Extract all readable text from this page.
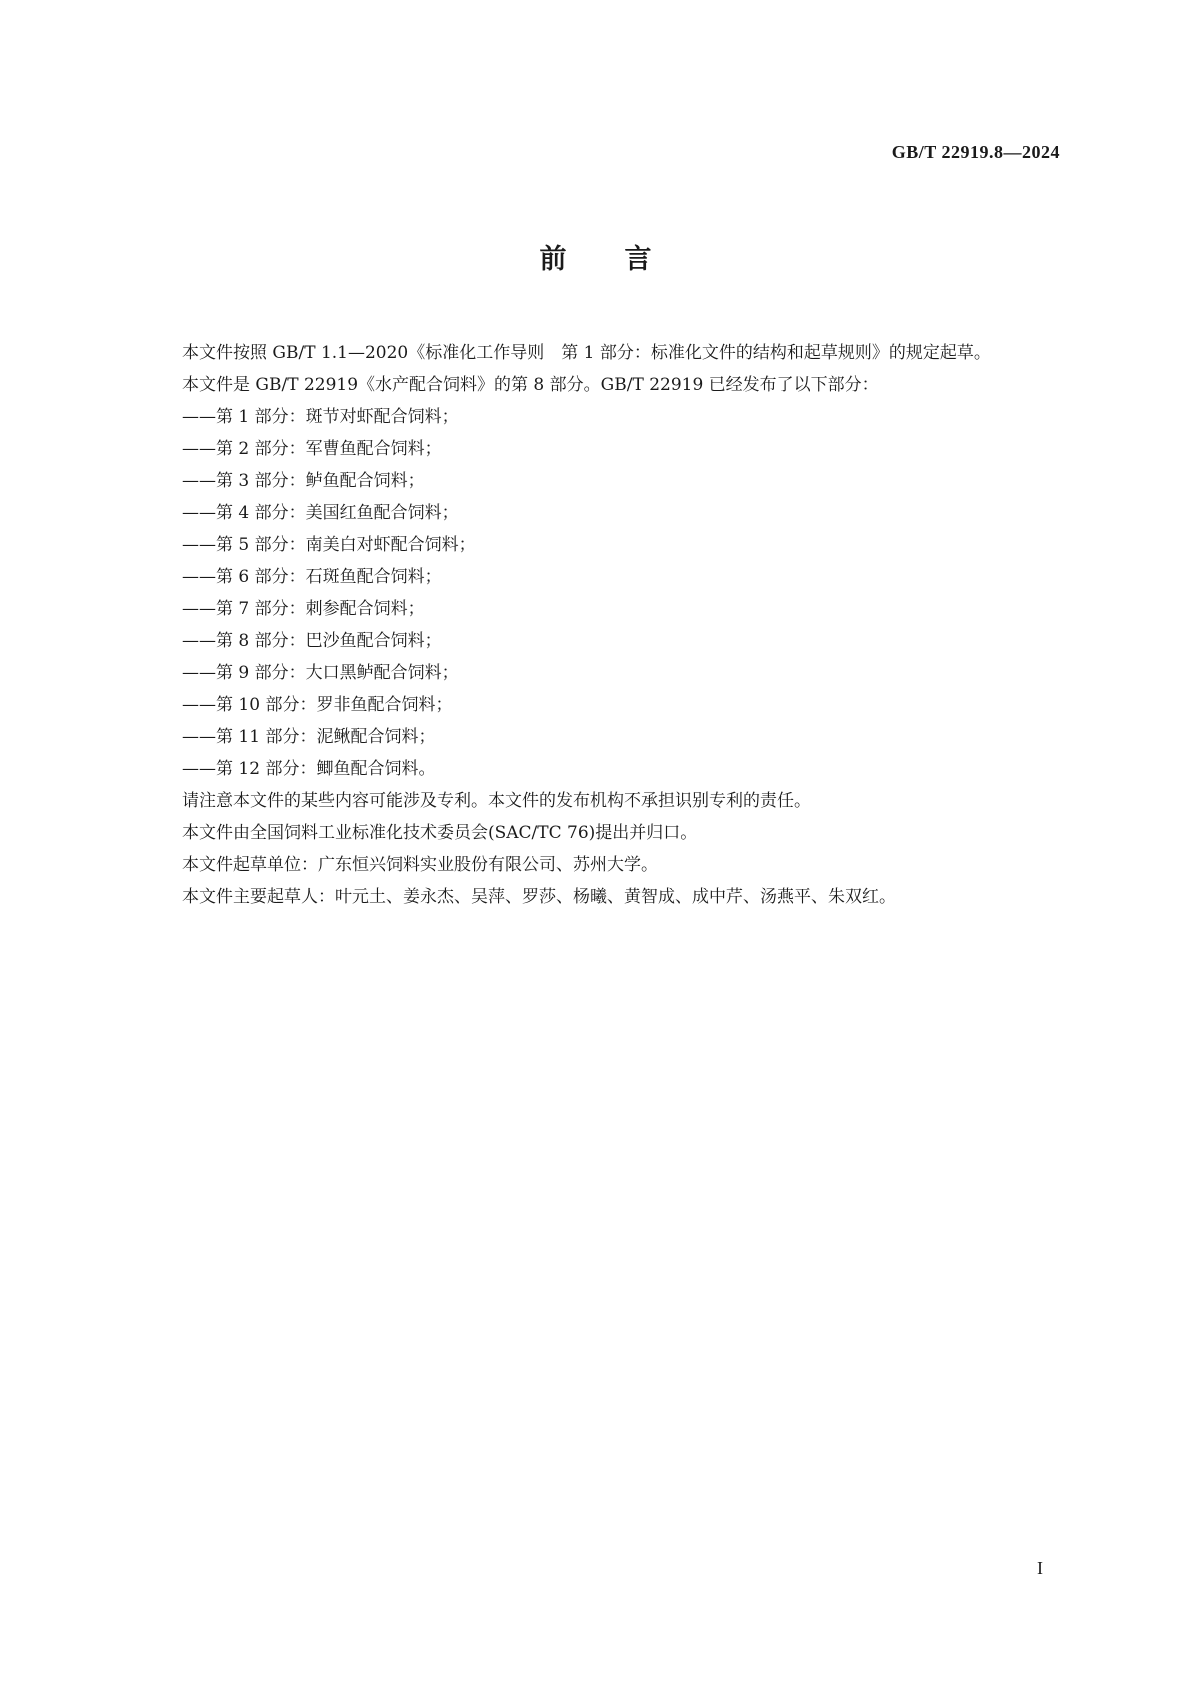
GB/T 22919.8—2024
前言

本文件按照 GB/T 1.1—2020《标准化工作导则　第 1 部分：标准化文件的结构和起草规则》的规定起草。

本文件是 GB/T 22919《水产配合饲料》的第 8 部分。GB/T 22919 已经发布了以下部分：

——第 1 部分：斑节对虾配合饲料；

——第 2 部分：军曹鱼配合饲料；

——第 3 部分：鲈鱼配合饲料；

——第 4 部分：美国红鱼配合饲料；

——第 5 部分：南美白对虾配合饲料；

——第 6 部分：石斑鱼配合饲料；

——第 7 部分：刺参配合饲料；

——第 8 部分：巴沙鱼配合饲料；

——第 9 部分：大口黑鲈配合饲料；

——第 10 部分：罗非鱼配合饲料；

——第 11 部分：泥鳅配合饲料；

——第 12 部分：鲫鱼配合饲料。

请注意本文件的某些内容可能涉及专利。本文件的发布机构不承担识别专利的责任。

本文件由全国饲料工业标准化技术委员会(SAC/TC 76)提出并归口。

本文件起草单位：广东恒兴饲料实业股份有限公司、苏州大学。

本文件主要起草人：叶元土、姜永杰、吴萍、罗莎、杨曦、黄智成、成中芹、汤燕平、朱双红。

I
